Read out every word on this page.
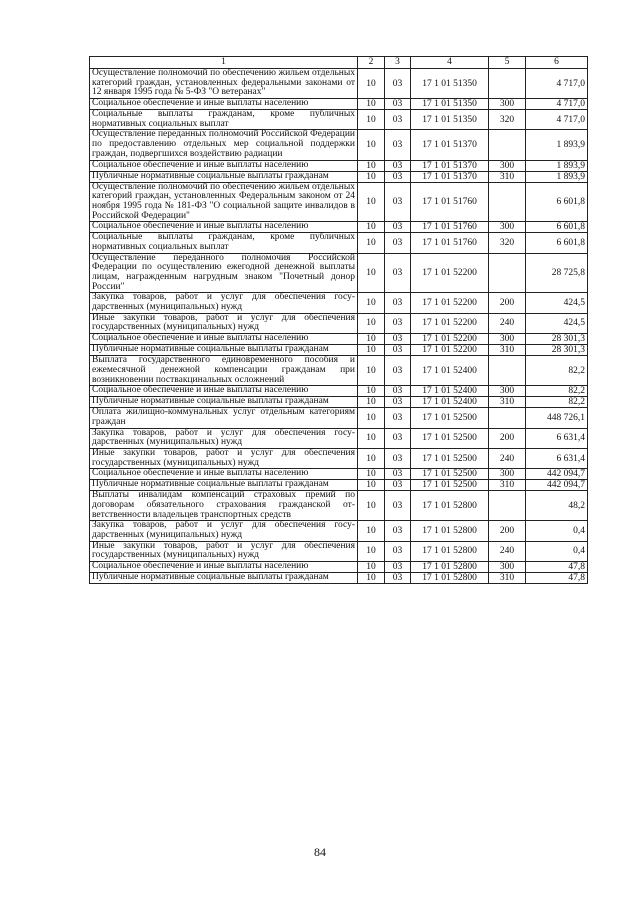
1	2	3	4	5	6
Осуществление полномочий по обеспечению жильем отдельных категорий граждан, установленных федеральными законами от 12 января 1995 года № 5-ФЗ "О ветеранах"	10	03	17 1 01 51350		4 717,0
Социальное обеспечение и иные выплаты населению	10	03	17 1 01 51350	300	4 717,0
Социальные выплаты гражданам, кроме публичных нормативных социальных выплат	10	03	17 1 01 51350	320	4 717,0
Осуществление переданных полномочий Российской Федерации по предоставлению отдельных мер социальной поддержки граждан, подвергшихся воздействию радиации	10	03	17 1 01 51370		1 893,9
Социальное обеспечение и иные выплаты населению	10	03	17 1 01 51370	300	1 893,9
Публичные нормативные социальные выплаты гражданам	10	03	17 1 01 51370	310	1 893,9
Осуществление полномочий по обеспечению жильем отдельных категорий граждан, установленных Федеральным законом от 24 ноября 1995 года № 181-ФЗ "О социальной защите инвалидов в Российской Федерации"	10	03	17 1 01 51760		6 601,8
Социальное обеспечение и иные выплаты населению	10	03	17 1 01 51760	300	6 601,8
Социальные выплаты гражданам, кроме публичных нормативных социальных выплат	10	03	17 1 01 51760	320	6 601,8
Осуществление переданного полномочия Российской Федерации по осуществлению ежегодной денежной выплаты лицам, награжденным нагрудным знаком "Почетный донор России"	10	03	17 1 01 52200		28 725,8
Закупка товаров, работ и услуг для обеспечения государственных (муниципальных) нужд	10	03	17 1 01 52200	200	424,5
Иные закупки товаров, работ и услуг для обеспечения государственных (муниципальных) нужд	10	03	17 1 01 52200	240	424,5
Социальное обеспечение и иные выплаты населению	10	03	17 1 01 52200	300	28 301,3
Публичные нормативные социальные выплаты гражданам	10	03	17 1 01 52200	310	28 301,3
Выплата государственного единовременного пособия и ежемесячной денежной компенсации гражданам при возникновении поствакцинальных осложнений	10	03	17 1 01 52400		82,2
Социальное обеспечение и иные выплаты населению	10	03	17 1 01 52400	300	82,2
Публичные нормативные социальные выплаты гражданам	10	03	17 1 01 52400	310	82,2
Оплата жилищно-коммунальных услуг отдельным категориям граждан	10	03	17 1 01 52500		448 726,1
Закупка товаров, работ и услуг для обеспечения государственных (муниципальных) нужд	10	03	17 1 01 52500	200	6 631,4
Иные закупки товаров, работ и услуг для обеспечения государственных (муниципальных) нужд	10	03	17 1 01 52500	240	6 631,4
Социальное обеспечение и иные выплаты населению	10	03	17 1 01 52500	300	442 094,7
Публичные нормативные социальные выплаты гражданам	10	03	17 1 01 52500	310	442 094,7
Выплаты инвалидам компенсаций страховых премий по договорам обязательного страхования гражданской ответственности владельцев транспортных средств	10	03	17 1 01 52800		48,2
Закупка товаров, работ и услуг для обеспечения государственных (муниципальных) нужд	10	03	17 1 01 52800	200	0,4
Иные закупки товаров, работ и услуг для обеспечения государственных (муниципальных) нужд	10	03	17 1 01 52800	240	0,4
Социальное обеспечение и иные выплаты населению	10	03	17 1 01 52800	300	47,8
Публичные нормативные социальные выплаты гражданам	10	03	17 1 01 52800	310	47,8
84
